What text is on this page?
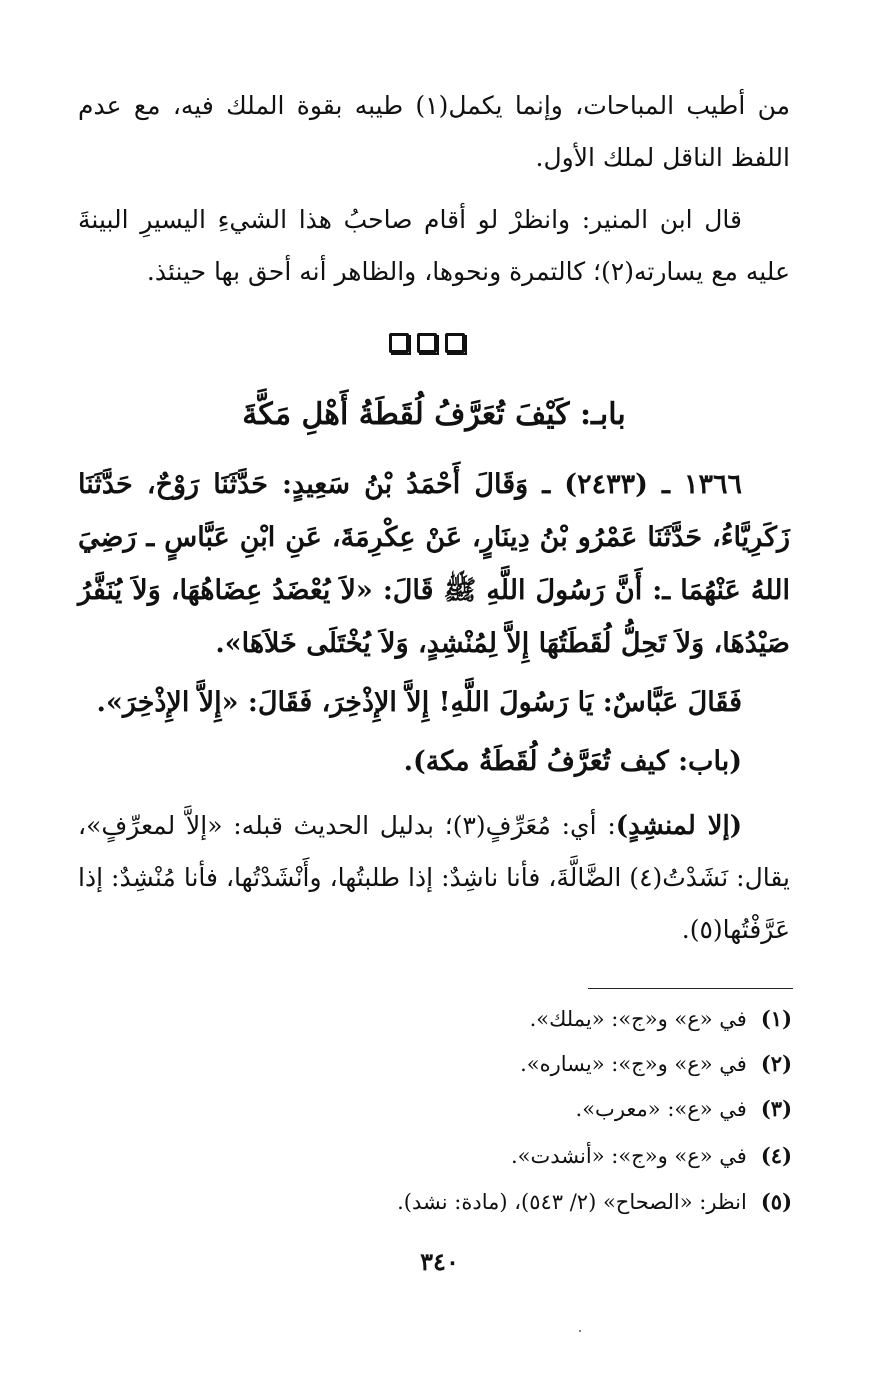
من أطيب المباحات، وإنما يكمل(١) طيبه بقوة الملك فيه، مع عدم اللفظ الناقل لملك الأول.

قال ابن المنير: وانظرْ لو أقام صاحبُ هذا الشيءِ اليسيرِ البينةَ عليه مع يسارته(٢)؛ كالتمرة ونحوها، والظاهر أنه أحق بها حينئذ.

بابـ: كَيْفَ تُعَرَّفُ لُقَطَةُ أَهْلِ مَكَّةَ

١٣٦٦ ـ (٢٤٣٣) ـ وَقَالَ أَحْمَدُ بْنُ سَعِيدٍ: حَدَّثَنَا رَوْحٌ، حَدَّثَنَا زَكَرِيَّاءُ، حَدَّثَنَا عَمْرُو بْنُ دِينَارٍ، عَنْ عِكْرِمَةَ، عَنِ ابْنِ عَبَّاسٍ ـ رَضِيَ اللهُ عَنْهُمَا ـ: أَنَّ رَسُولَ اللَّهِ ﷺ قَالَ: «لاَ يُعْضَدُ عِضَاهُهَا، وَلاَ يُنَفَّرُ صَيْدُهَا، وَلاَ تَحِلُّ لُقَطَتُهَا إِلاَّ لِمُنْشِدٍ، وَلاَ يُخْتَلَى خَلاَهَا».

فَقَالَ عَبَّاسٌ: يَا رَسُولَ اللَّهِ! إِلاَّ الإِذْخِرَ، فَقَالَ: «إِلاَّ الإِذْخِرَ».

(باب: كيف تُعَرَّفُ لُقَطَةُ مكة).

(إلا لمنشِدٍ): أي: مُعَرِّفٍ(٣)؛ بدليل الحديث قبله: «إلاَّ لمعرِّفٍ»، يقال: نَشَدْتُ(٤) الضَّالَّةَ، فأنا ناشِدٌ: إذا طلبتُها، وأَنْشَدْتُها، فأنا مُنْشِدٌ: إذا عَرَّفْتُها(٥).

(١)في «ع» و«ج»: «يملك».
(٢)في «ع» و«ج»: «يساره».
(٣)في «ع»: «معرب».
(٤)في «ع» و«ج»: «أنشدت».
(٥)انظر: «الصحاح» (٢/ ٥٤٣)، (مادة: نشد).
٣٤٠
